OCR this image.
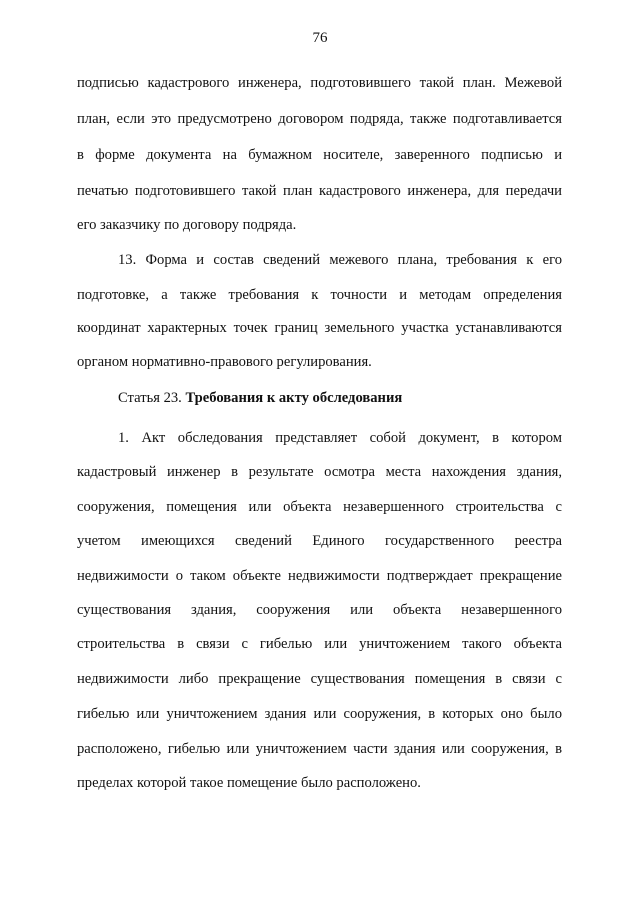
76
подписью кадастрового инженера, подготовившего такой план. Межевой
план, если это предусмотрено договором подряда, также подготавливается
в форме документа на бумажном носителе, заверенного подписью и
печатью подготовившего такой план кадастрового инженера, для передачи
его заказчику по договору подряда.
13. Форма и состав сведений межевого плана, требования к его
подготовке, а также требования к точности и методам определения
координат характерных точек границ земельного участка устанавливаются
органом нормативно-правового регулирования.
Статья 23. Требования к акту обследования
1. Акт обследования представляет собой документ, в котором
кадастровый инженер в результате осмотра места нахождения здания,
сооружения, помещения или объекта незавершенного строительства с
учетом имеющихся сведений Единого государственного реестра
недвижимости о таком объекте недвижимости подтверждает прекращение
существования здания, сооружения или объекта незавершенного
строительства в связи с гибелью или уничтожением такого объекта
недвижимости либо прекращение существования помещения в связи с
гибелью или уничтожением здания или сооружения, в которых оно было
расположено, гибелью или уничтожением части здания или сооружения, в
пределах которой такое помещение было расположено.
